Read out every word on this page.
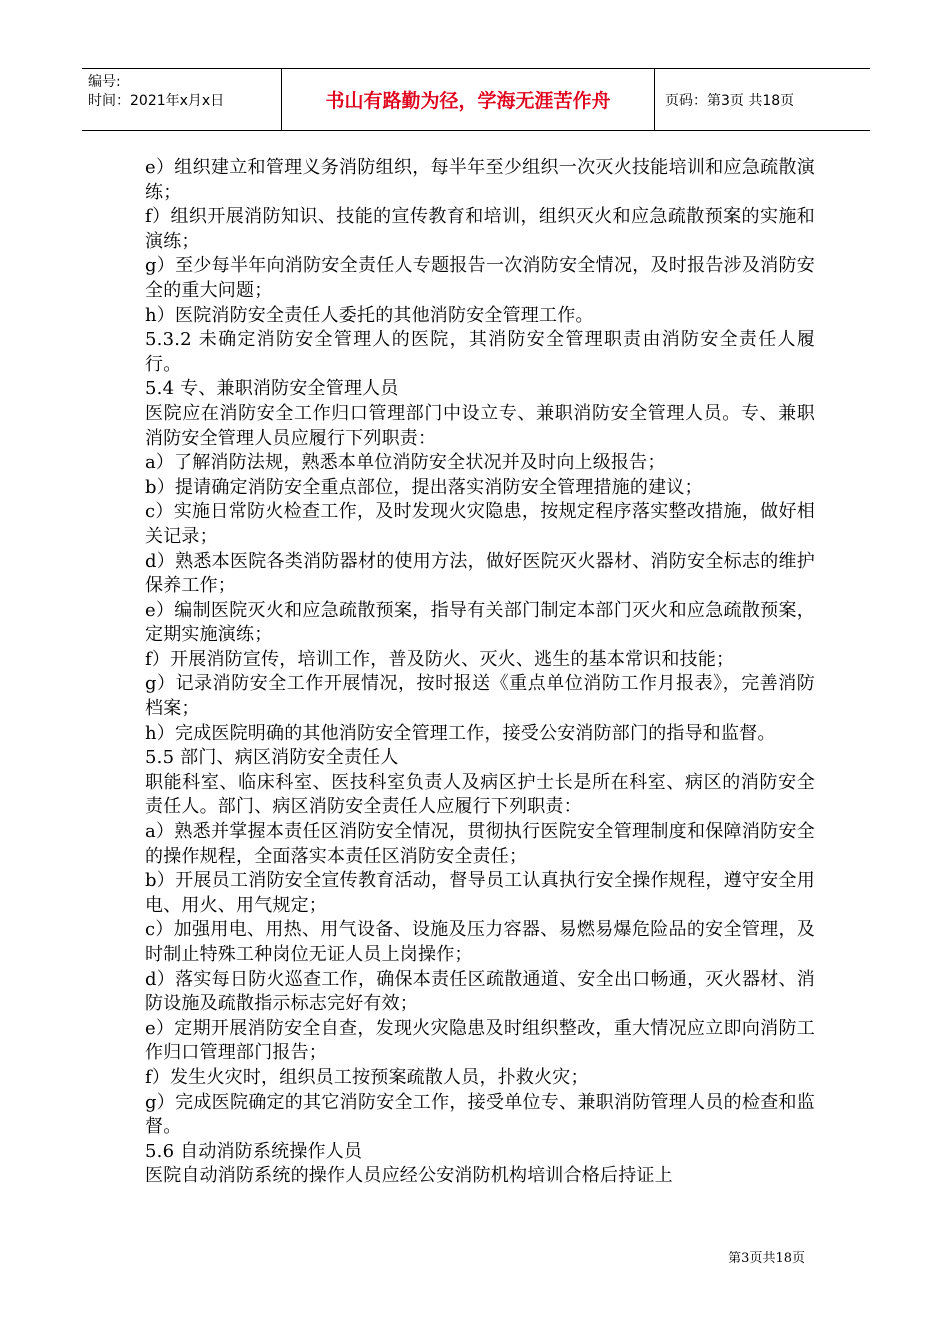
编号:
时间：2021年x月x日	书山有路勤为径，学海无涯苦作舟	页码：第3页 共18页

e）组织建立和管理义务消防组织，每半年至少组织一次灭火技能培训和应急疏散演练；

f）组织开展消防知识、技能的宣传教育和培训，组织灭火和应急疏散预案的实施和演练；

g）至少每半年向消防安全责任人专题报告一次消防安全情况，及时报告涉及消防安全的重大问题；

h）医院消防安全责任人委托的其他消防安全管理工作。

5.3.2 未确定消防安全管理人的医院，其消防安全管理职责由消防安全责任人履行。

5.4 专、兼职消防安全管理人员

医院应在消防安全工作归口管理部门中设立专、兼职消防安全管理人员。专、兼职消防安全管理人员应履行下列职责：

a）了解消防法规，熟悉本单位消防安全状况并及时向上级报告；

b）提请确定消防安全重点部位，提出落实消防安全管理措施的建议；

c）实施日常防火检查工作，及时发现火灾隐患，按规定程序落实整改措施，做好相关记录；

d）熟悉本医院各类消防器材的使用方法，做好医院灭火器材、消防安全标志的维护保养工作；

e）编制医院灭火和应急疏散预案，指导有关部门制定本部门灭火和应急疏散预案，定期实施演练；

f）开展消防宣传，培训工作，普及防火、灭火、逃生的基本常识和技能；

g）记录消防安全工作开展情况，按时报送《重点单位消防工作月报表》，完善消防档案；

h）完成医院明确的其他消防安全管理工作，接受公安消防部门的指导和监督。

5.5 部门、病区消防安全责任人

职能科室、临床科室、医技科室负责人及病区护士长是所在科室、病区的消防安全责任人。部门、病区消防安全责任人应履行下列职责：

a）熟悉并掌握本责任区消防安全情况，贯彻执行医院安全管理制度和保障消防安全的操作规程，全面落实本责任区消防安全责任；

b）开展员工消防安全宣传教育活动，督导员工认真执行安全操作规程，遵守安全用电、用火、用气规定；

c）加强用电、用热、用气设备、设施及压力容器、易燃易爆危险品的安全管理，及时制止特殊工种岗位无证人员上岗操作；

d）落实每日防火巡查工作，确保本责任区疏散通道、安全出口畅通，灭火器材、消防设施及疏散指示标志完好有效；

e）定期开展消防安全自查，发现火灾隐患及时组织整改，重大情况应立即向消防工作归口管理部门报告；

f）发生火灾时，组织员工按预案疏散人员，扑救火灾；

g）完成医院确定的其它消防安全工作，接受单位专、兼职消防管理人员的检查和监督。

5.6 自动消防系统操作人员

医院自动消防系统的操作人员应经公安消防机构培训合格后持证上

第3页共18页
